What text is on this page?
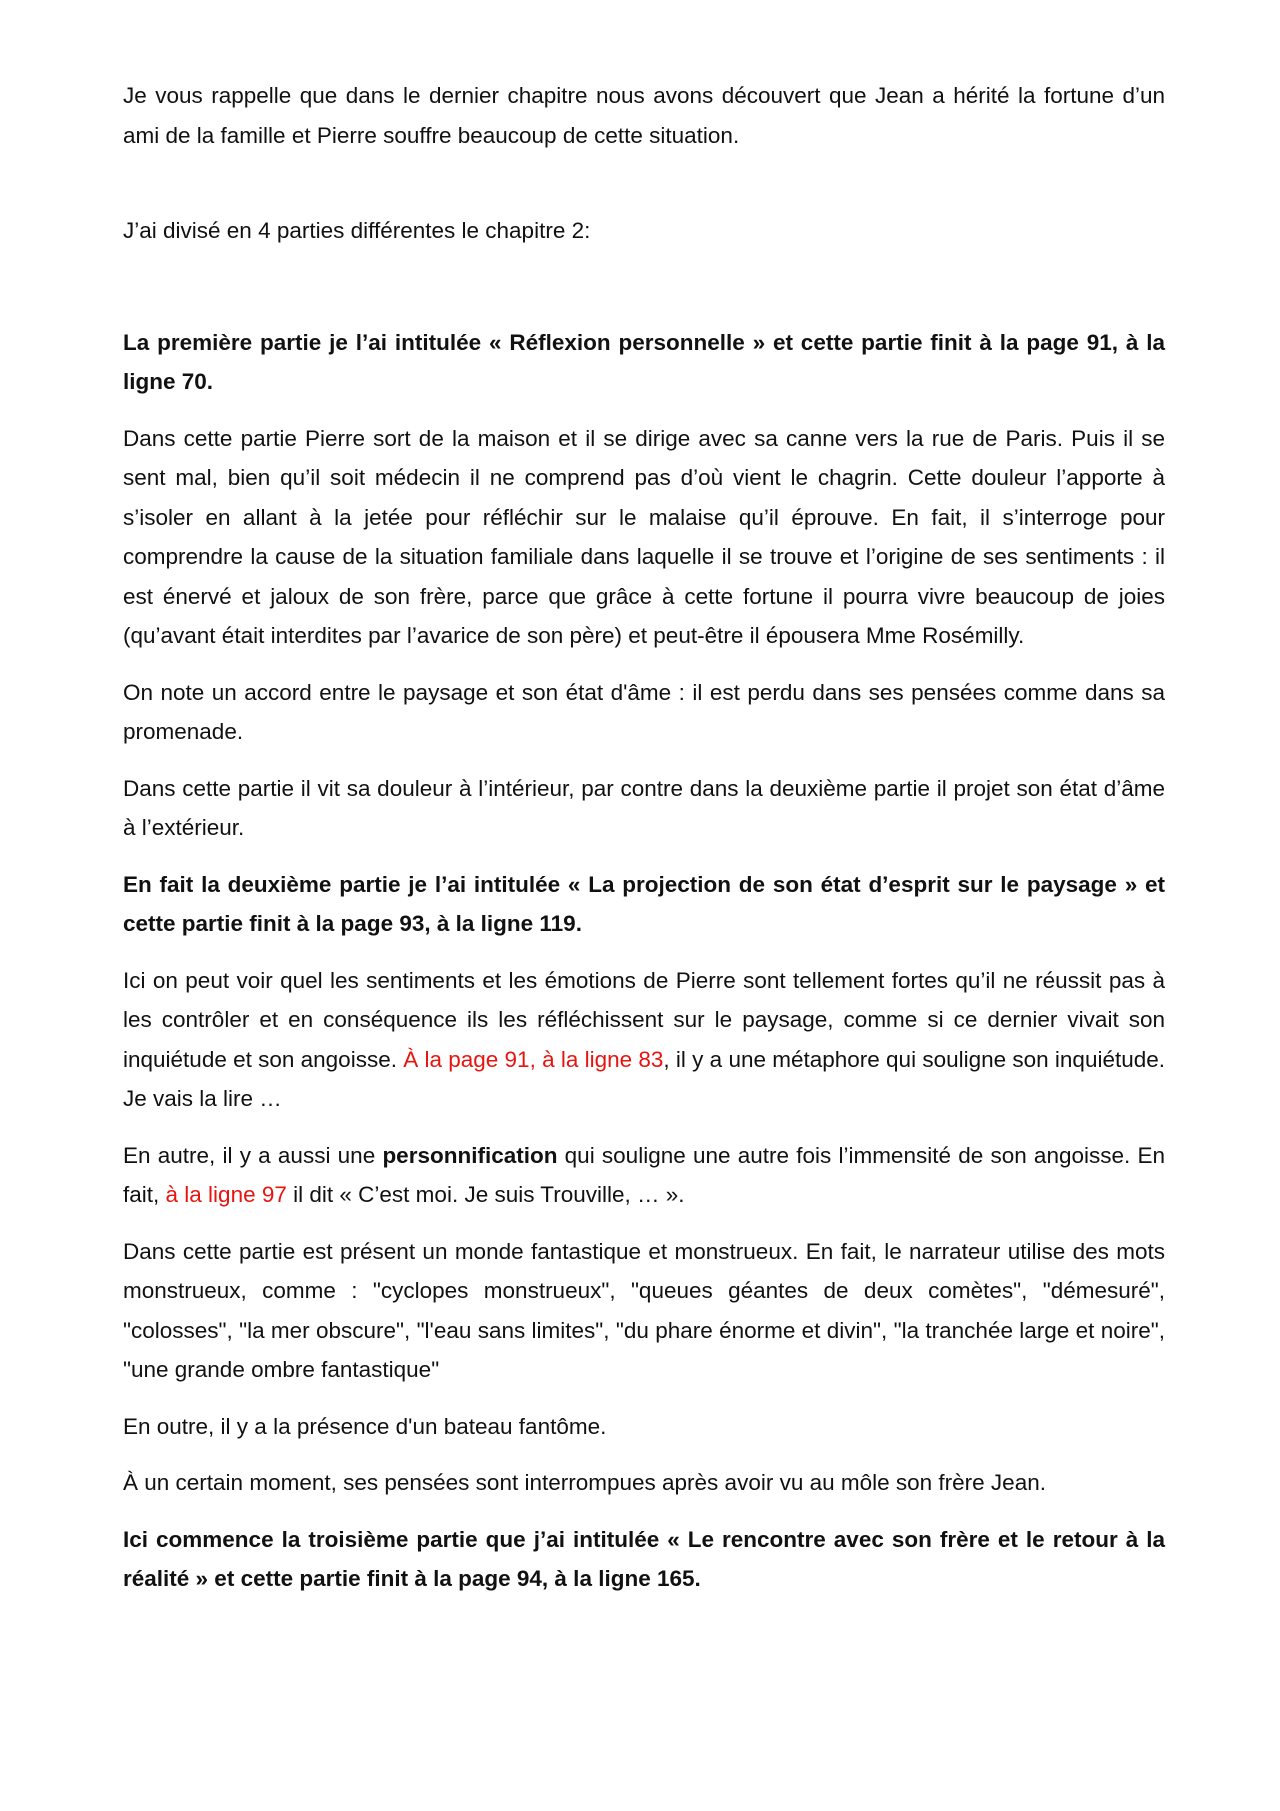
Je vous rappelle que dans le dernier chapitre nous avons découvert que Jean a hérité la fortune d’un ami de la famille et Pierre souffre beaucoup de cette situation.

J’ai divisé en 4 parties différentes le chapitre 2:

La première partie je l’ai intitulée « Réflexion personnelle » et cette partie finit à la page 91, à la ligne 70.

Dans cette partie Pierre sort de la maison et il se dirige avec sa canne vers la rue de Paris. Puis il se sent mal, bien qu’il soit médecin il ne comprend pas d’où vient le chagrin. Cette douleur l’apporte à s’isoler en allant à la jetée pour réfléchir sur le malaise qu’il éprouve. En fait, il s’interroge pour comprendre la cause de la situation familiale dans laquelle il se trouve et l’origine de ses sentiments : il est énervé et jaloux de son frère, parce que grâce à cette fortune il pourra vivre beaucoup de joies (qu’avant était interdites par l’avarice de son père) et peut-être il épousera Mme Rosémilly.

On note un accord entre le paysage et son état d'âme : il est perdu dans ses pensées comme dans sa promenade.

Dans cette partie il vit sa douleur à l’intérieur, par contre dans la deuxième partie il projet son état d’âme à l’extérieur.

En fait la deuxième partie je l’ai intitulée « La projection de son état d’esprit sur le paysage » et cette partie finit à la page 93, à la ligne 119.

Ici on peut voir quel les sentiments et les émotions de Pierre sont tellement fortes qu’il ne réussit pas à les contrôler et en conséquence ils les réfléchissent sur le paysage, comme si ce dernier vivait son inquiétude et son angoisse. À la page 91, à la ligne 83, il y a une métaphore qui souligne son inquiétude. Je vais la lire …

En autre, il y a aussi une personnification qui souligne une autre fois l’immensité de son angoisse. En fait, à la ligne 97 il dit « C’est moi. Je suis Trouville, … ».

Dans cette partie est présent un monde fantastique et monstrueux. En fait, le narrateur utilise des mots monstrueux, comme : "cyclopes monstrueux", "queues géantes de deux comètes", "démesuré", "colosses", "la mer obscure", "l'eau sans limites", "du phare énorme et divin", "la tranchée large et noire", "une grande ombre fantastique"

En outre, il y a la présence d'un bateau fantôme.

À un certain moment, ses pensées sont interrompues après avoir vu au môle son frère Jean.

Ici commence la troisième partie que j’ai intitulée « Le rencontre avec son frère et le retour à la réalité » et cette partie finit à la page 94, à la ligne 165.
